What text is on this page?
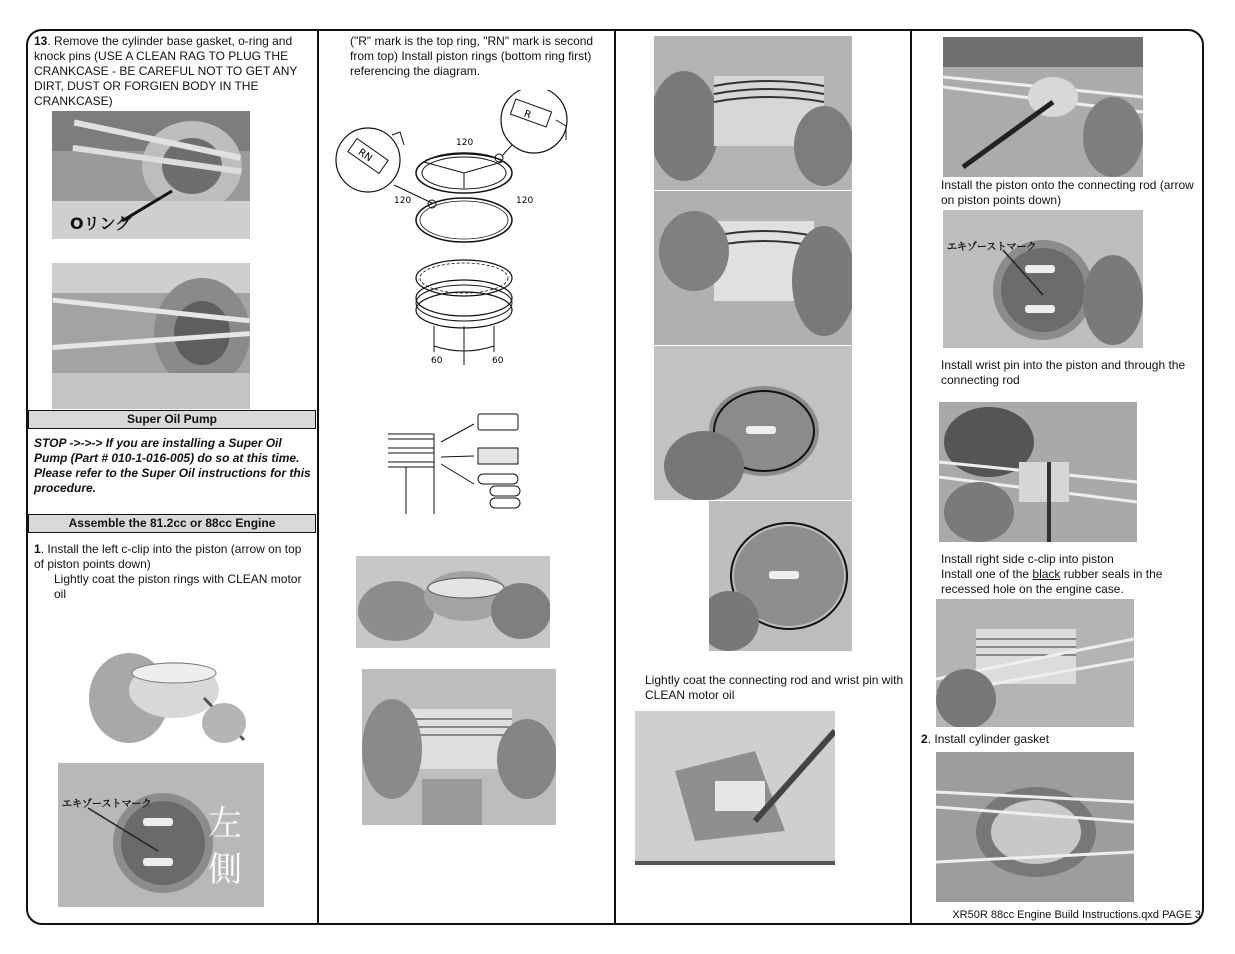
13. Remove the cylinder base gasket, o-ring and knock pins (USE A CLEAN RAG TO PLUG THE CRANKCASE - BE CAREFUL NOT TO GET ANY DIRT, DUST OR FORGIEN BODY IN THE CRANKCASE)
Oリング
Super Oil Pump
STOP ->->-> If you are installing a Super Oil Pump (Part # 010-1-016-005) do so at this time. Please refer to the Super Oil instructions for this procedure.
Assemble the 81.2cc or 88cc Engine
1. Install the left c-clip into the piston (arrow on top of piston points down)
Lightly coat the piston rings with CLEAN motor oil
エキゾーストマーク 左
側
("R" mark is the top ring, "RN" mark is second from top) Install piston rings (bottom ring first) referencing the diagram.
R
RN
120
120	120
60	60
Lightly coat the connecting rod and wrist pin with CLEAN motor oil
Install the piston onto the connecting rod (arrow on piston points down)
エキゾーストマーク
Install wrist pin into the piston and through the connecting rod
Install right side c-clip into piston
Install one of the black rubber seals in the recessed hole on the engine case.
2. Install cylinder gasket
XR50R 88cc Engine Build Instructions.qxd PAGE 3
